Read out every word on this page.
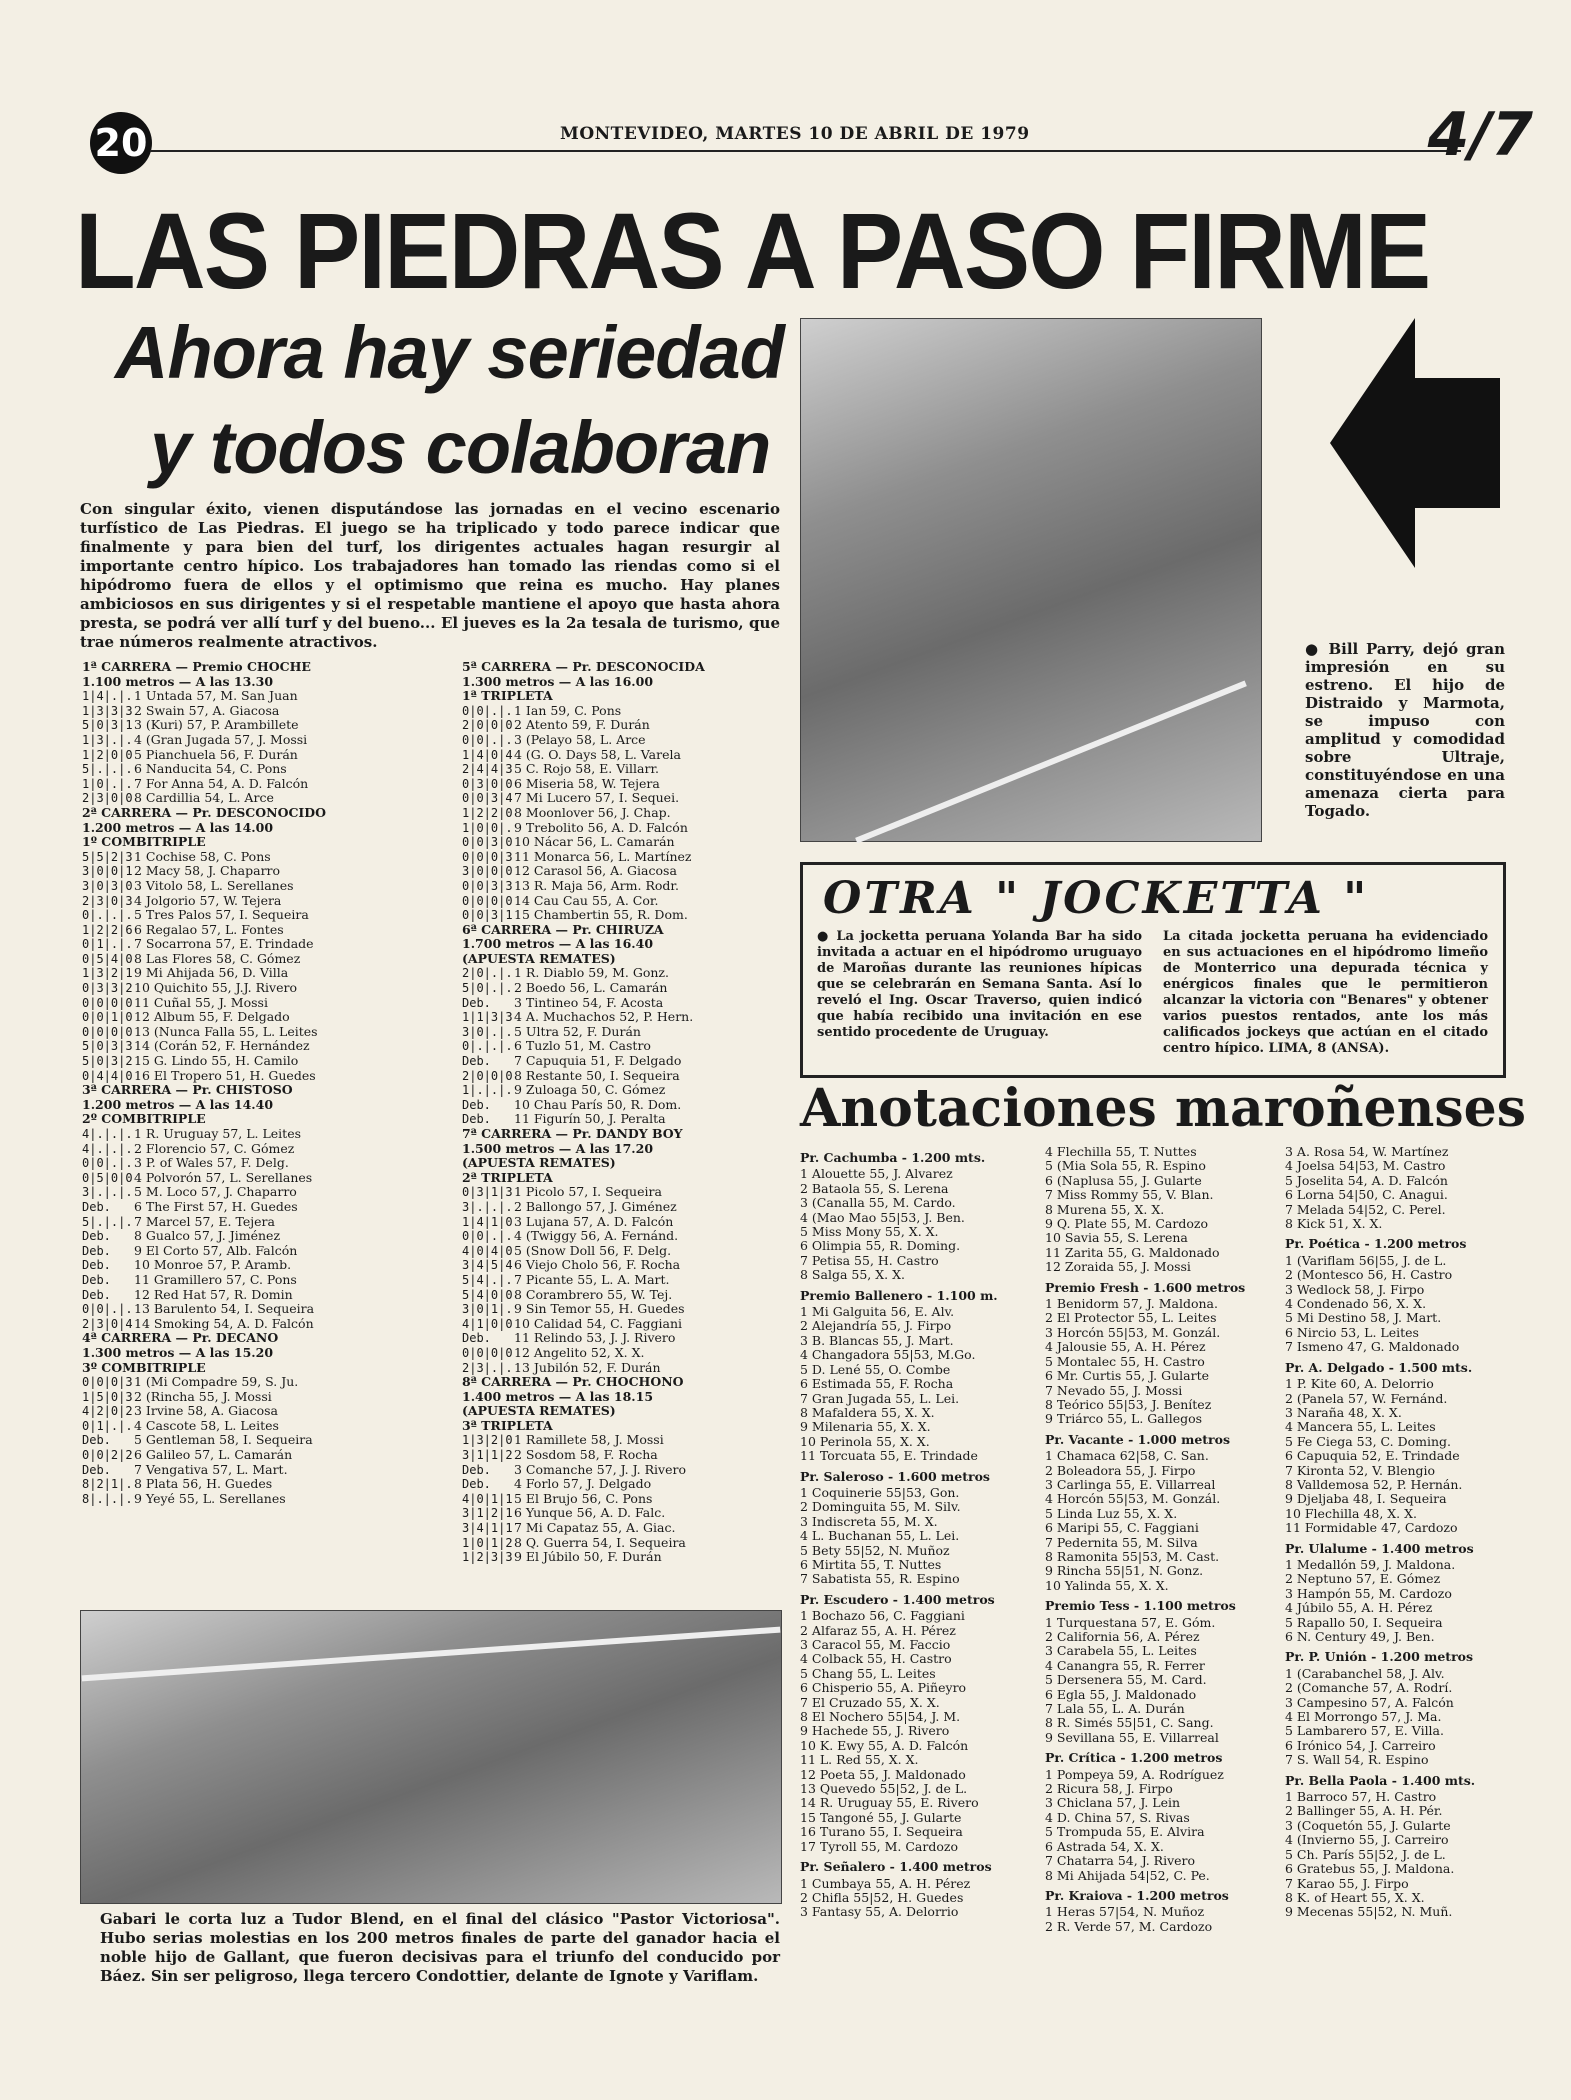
20	MONTEVIDEO, MARTES 10 DE ABRIL DE 1979	4/7
LAS PIEDRAS A PASO FIRME
Ahora hay seriedad
y todos colaboran
● Bill Parry, dejó gran impresión en su estreno. El hijo de Distraido y Marmota, se impuso con amplitud y comodidad sobre Ultraje, constituyéndose en una amenaza cierta para Togado.
Con singular éxito, vienen disputándose las jornadas en el vecino escenario turfístico de Las Piedras. El juego se ha triplicado y todo parece indicar que finalmente y para bien del turf, los dirigentes actuales hagan resurgir al importante centro hípico. Los trabajadores han tomado las riendas como si el hipódromo fuera de ellos y el optimismo que reina es mucho. Hay planes ambiciosos en sus dirigentes y si el respetable mantiene el apoyo que hasta ahora presta, se podrá ver allí turf y del bueno... El jueves es la 2a tesala de turismo, que trae números realmente atractivos.
1ª CARRERA — Premio CHOCHE
1.100 metros — A las 13.30
1|4|.|. 1 Untada 57, M. San Juan
1|3|3|3 2 Swain 57, A. Giacosa
5|0|3|1 3 (Kuri) 57, P. Arambillete
1|3|.|. 4 (Gran Jugada 57, J. Mossi
1|2|0|0 5 Pianchuela 56, F. Durán
5|.|.|. 6 Nanducita 54, C. Pons
1|0|.|. 7 For Anna 54, A. D. Falcón
2|3|0|0 8 Cardillia 54, L. Arce
2ª CARRERA — Pr. DESCONOCIDO
1.200 metros — A las 14.00
1º COMBITRIPLE
5|5|2|3 1 Cochise 58, C. Pons
3|0|0|1 2 Macy 58, J. Chaparro
3|0|3|0 3 Vitolo 58, L. Serellanes
2|3|0|3 4 Jolgorio 57, W. Tejera
0|.|.|. 5 Tres Palos 57, I. Sequeira
1|2|2|6 6 Regalao 57, L. Fontes
0|1|.|. 7 Socarrona 57, E. Trindade
0|5|4|0 8 Las Flores 58, C. Gómez
1|3|2|1 9 Mi Ahijada 56, D. Villa
0|3|3|2 10 Quichito 55, J.J. Rivero
0|0|0|0 11 Cuñal 55, J. Mossi
0|0|1|0 12 Album 55, F. Delgado
0|0|0|0 13 (Nunca Falla 55, L. Leites
5|0|3|3 14 (Corán 52, F. Hernández
5|0|3|2 15 G. Lindo 55, H. Camilo
0|4|4|0 16 El Tropero 51, H. Guedes
3ª CARRERA — Pr. CHISTOSO
1.200 metros — A las 14.40
2º COMBITRIPLE
4|.|.|. 1 R. Uruguay 57, L. Leites
4|.|.|. 2 Florencio 57, C. Gómez
0|0|.|. 3 P. of Wales 57, F. Delg.
0|5|0|0 4 Polvorón 57, L. Serellanes
3|.|.|. 5 M. Loco 57, J. Chaparro
Deb.	6 The First 57, H. Guedes
5|.|.|. 7 Marcel 57, E. Tejera
Deb.	8 Gualco 57, J. Jiménez
Deb.	9 El Corto 57, Alb. Falcón
Deb.	10 Monroe 57, P. Aramb.
Deb.	11 Gramillero 57, C. Pons
Deb.	12 Red Hat 57, R. Domin
0|0|.|. 13 Barulento 54, I. Sequeira
2|3|0|4 14 Smoking 54, A. D. Falcón
4ª CARRERA — Pr. DECANO
1.300 metros — A las 15.20
3º COMBITRIPLE
0|0|0|3 1 (Mi Compadre 59, S. Ju.
1|5|0|3 2 (Rincha 55, J. Mossi
4|2|0|2 3 Irvine 58, A. Giacosa
0|1|.|. 4 Cascote 58, L. Leites
Deb.	5 Gentleman 58, I. Sequeira
0|0|2|2 6 Galileo 57, L. Camarán
Deb.	7 Vengativa 57, L. Mart.
8|2|1|. 8 Plata 56, H. Guedes
8|.|.|. 9 Yeyé 55, L. Serellanes
5ª CARRERA — Pr. DESCONOCIDA
1.300 metros — A las 16.00
1ª TRIPLETA
0|0|.|. 1 Ian 59, C. Pons
2|0|0|0 2 Atento 59, F. Durán
0|0|.|. 3 (Pelayo 58, L. Arce
1|4|0|4 4 (G. O. Days 58, L. Varela
2|4|4|3 5 C. Rojo 58, E. Villarr.
0|3|0|0 6 Miseria 58, W. Tejera
0|0|3|4 7 Mi Lucero 57, I. Sequei.
1|2|2|0 8 Moonlover 56, J. Chap.
1|0|0|. 9 Trebolito 56, A. D. Falcón
0|0|3|0 10 Nácar 56, L. Camarán
0|0|0|3 11 Monarca 56, L. Martínez
3|0|0|0 12 Carasol 56, A. Giacosa
0|0|3|3 13 R. Maja 56, Arm. Rodr.
0|0|0|0 14 Cau Cau 55, A. Cor.
0|0|3|1 15 Chambertin 55, R. Dom.
6ª CARRERA — Pr. CHIRUZA
1.700 metros — A las 16.40
(APUESTA REMATES)
2|0|.|. 1 R. Diablo 59, M. Gonz.
5|0|.|. 2 Boedo 56, L. Camarán
Deb.	3 Tintineo 54, F. Acosta
1|1|3|3 4 A. Muchachos 52, P. Hern.
3|0|.|. 5 Ultra 52, F. Durán
0|.|.|. 6 Tuzlo 51, M. Castro
Deb.	7 Capuquia 51, F. Delgado
2|0|0|0 8 Restante 50, I. Sequeira
1|.|.|. 9 Zuloaga 50, C. Gómez
Deb.	10 Chau París 50, R. Dom.
Deb.	11 Figurín 50, J. Peralta
7ª CARRERA — Pr. DANDY BOY
1.500 metros — A las 17.20
(APUESTA REMATES)
2ª TRIPLETA
0|3|1|3 1 Picolo 57, I. Sequeira
3|.|.|. 2 Ballongo 57, J. Giménez
1|4|1|0 3 Lujana 57, A. D. Falcón
0|0|.|. 4 (Twiggy 56, A. Fernánd.
4|0|4|0 5 (Snow Doll 56, F. Delg.
3|4|5|4 6 Viejo Cholo 56, F. Rocha
5|4|.|. 7 Picante 55, L. A. Mart.
5|4|0|0 8 Corambrero 55, W. Tej.
3|0|1|. 9 Sin Temor 55, H. Guedes
4|1|0|0 10 Calidad 54, C. Faggiani
Deb.	11 Relindo 53, J. J. Rivero
0|0|0|0 12 Angelito 52, X. X.
2|3|.|. 13 Jubilón 52, F. Durán
8ª CARRERA — Pr. CHOCHONO
1.400 metros — A las 18.15
(APUESTA REMATES)
3ª TRIPLETA
1|3|2|0 1 Ramillete 58, J. Mossi
3|1|1|2 2 Sosdom 58, F. Rocha
Deb.	3 Comanche 57, J. J. Rivero
Deb.	4 Forlo 57, J. Delgado
4|0|1|1 5 El Brujo 56, C. Pons
3|1|2|1 6 Yunque 56, A. D. Falc.
3|4|1|1 7 Mi Capataz 55, A. Giac.
1|0|1|2 8 Q. Guerra 54, I. Sequeira
1|2|3|3 9 El Júbilo 50, F. Durán
OTRA " JOCKETTA "
● La jocketta peruana Yolanda Bar ha sido invitada a actuar en el hipódromo uruguayo de Maroñas durante las reuniones hípicas que se celebrarán en Semana Santa. Así lo reveló el Ing. Oscar Traverso, quien indicó que había recibido una invitación en ese sentido procedente de Uruguay.
La citada jocketta peruana ha evidenciado en sus actuaciones en el hipódromo limeño de Monterrico una depurada técnica y enérgicos finales que le permitieron alcanzar la victoria con "Benares" y obtener varios puestos rentados, ante los más calificados jockeys que actúan en el citado centro hípico. LIMA, 8 (ANSA).
Anotaciones maroñenses
Pr. Cachumba - 1.200 mts.
1 Alouette 55, J. Alvarez
2 Bataola 55, S. Lerena
3 (Canalla 55, M. Cardo.
4 (Mao Mao 55|53, J. Ben.
5 Miss Mony 55, X. X.
6 Olimpia 55, R. Doming.
7 Petisa 55, H. Castro
8 Salga 55, X. X.
Premio Ballenero - 1.100 m.
1 Mi Galguita 56, E. Alv.
2 Alejandría 55, J. Firpo
3 B. Blancas 55, J. Mart.
4 Changadora 55|53, M.Go.
5 D. Lené 55, O. Combe
6 Estimada 55, F. Rocha
7 Gran Jugada 55, L. Lei.
8 Mafaldera 55, X. X.
9 Milenaria 55, X. X.
10 Perinola 55, X. X.
11 Torcuata 55, E. Trindade
Pr. Saleroso - 1.600 metros
1 Coquinerie 55|53, Gon.
2 Dominguita 55, M. Silv.
3 Indiscreta 55, M. X.
4 L. Buchanan 55, L. Lei.
5 Bety 55|52, N. Muñoz
6 Mirtita 55, T. Nuttes
7 Sabatista 55, R. Espino
Pr. Escudero - 1.400 metros
1 Bochazo 56, C. Faggiani
2 Alfaraz 55, A. H. Pérez
3 Caracol 55, M. Faccio
4 Colback 55, H. Castro
5 Chang 55, L. Leites
6 Chisperio 55, A. Piñeyro
7 El Cruzado 55, X. X.
8 El Nochero 55|54, J. M.
9 Hachede 55, J. Rivero
10 K. Ewy 55, A. D. Falcón
11 L. Red 55, X. X.
12 Poeta 55, J. Maldonado
13 Quevedo 55|52, J. de L.
14 R. Uruguay 55, E. Rivero
15 Tangoné 55, J. Gularte
16 Turano 55, I. Sequeira
17 Tyroll 55, M. Cardozo
Pr. Señalero - 1.400 metros
1 Cumbaya 55, A. H. Pérez
2 Chifla 55|52, H. Guedes
3 Fantasy 55, A. Delorrio
4 Flechilla 55, T. Nuttes
5 (Mia Sola 55, R. Espino
6 (Naplusa 55, J. Gularte
7 Miss Rommy 55, V. Blan.
8 Murena 55, X. X.
9 Q. Plate 55, M. Cardozo
10 Savia 55, S. Lerena
11 Zarita 55, G. Maldonado
12 Zoraida 55, J. Mossi
Premio Fresh - 1.600 metros
1 Benidorm 57, J. Maldona.
2 El Protector 55, L. Leites
3 Horcón 55|53, M. Gonzál.
4 Jalousie 55, A. H. Pérez
5 Montalec 55, H. Castro
6 Mr. Curtis 55, J. Gularte
7 Nevado 55, J. Mossi
8 Teórico 55|53, J. Benítez
9 Triárco 55, L. Gallegos
Pr. Vacante - 1.000 metros
1 Chamaca 62|58, C. San.
2 Boleadora 55, J. Firpo
3 Carlinga 55, E. Villarreal
4 Horcón 55|53, M. Gonzál.
5 Linda Luz 55, X. X.
6 Maripi 55, C. Faggiani
7 Pedernita 55, M. Silva
8 Ramonita 55|53, M. Cast.
9 Rincha 55|51, N. Gonz.
10 Yalinda 55, X. X.
Premio Tess - 1.100 metros
1 Turquestana 57, E. Góm.
2 California 56, A. Pérez
3 Carabela 55, L. Leites
4 Canangra 55, R. Ferrer
5 Dersenera 55, M. Card.
6 Egla 55, J. Maldonado
7 Lala 55, L. A. Durán
8 R. Simés 55|51, C. Sang.
9 Sevillana 55, E. Villarreal
Pr. Crítica - 1.200 metros
1 Pompeya 59, A. Rodríguez
2 Ricura 58, J. Firpo
3 Chiclana 57, J. Lein
4 D. China 57, S. Rivas
5 Trompuda 55, E. Alvira
6 Astrada 54, X. X.
7 Chatarra 54, J. Rivero
8 Mi Ahijada 54|52, C. Pe.
Pr. Kraiova - 1.200 metros
1 Heras 57|54, N. Muñoz
2 R. Verde 57, M. Cardozo
3 A. Rosa 54, W. Martínez
4 Joelsa 54|53, M. Castro
5 Joselita 54, A. D. Falcón
6 Lorna 54|50, C. Anagui.
7 Melada 54|52, C. Perel.
8 Kick 51, X. X.
Pr. Poética - 1.200 metros
1 (Variflam 56|55, J. de L.
2 (Montesco 56, H. Castro
3 Wedlock 58, J. Firpo
4 Condenado 56, X. X.
5 Mi Destino 58, J. Mart.
6 Nircio 53, L. Leites
7 Ismeno 47, G. Maldonado
Pr. A. Delgado - 1.500 mts.
1 P. Kite 60, A. Delorrio
2 (Panela 57, W. Fernánd.
3 Naraña 48, X. X.
4 Mancera 55, L. Leites
5 Fe Ciega 53, C. Doming.
6 Capuquia 52, E. Trindade
7 Kironta 52, V. Blengio
8 Valldemosa 52, P. Hernán.
9 Djeljaba 48, I. Sequeira
10 Flechilla 48, X. X.
11 Formidable 47, Cardozo
Pr. Ulalume - 1.400 metros
1 Medallón 59, J. Maldona.
2 Neptuno 57, E. Gómez
3 Hampón 55, M. Cardozo
4 Júbilo 55, A. H. Pérez
5 Rapallo 50, I. Sequeira
6 N. Century 49, J. Ben.
Pr. P. Unión - 1.200 metros
1 (Carabanchel 58, J. Alv.
2 (Comanche 57, A. Rodrí.
3 Campesino 57, A. Falcón
4 El Morrongo 57, J. Ma.
5 Lambarero 57, E. Villa.
6 Irónico 54, J. Carreiro
7 S. Wall 54, R. Espino
Pr. Bella Paola - 1.400 mts.
1 Barroco 57, H. Castro
2 Ballinger 55, A. H. Pér.
3 (Coquetón 55, J. Gularte
4 (Invierno 55, J. Carreiro
5 Ch. París 55|52, J. de L.
6 Gratebus 55, J. Maldona.
7 Karao 55, J. Firpo
8 K. of Heart 55, X. X.
9 Mecenas 55|52, N. Muñ.
Gabari le corta luz a Tudor Blend, en el final del clásico "Pastor Victoriosa". Hubo serias molestias en los 200 metros finales de parte del ganador hacia el noble hijo de Gallant, que fueron decisivas para el triunfo del conducido por Báez. Sin ser peligroso, llega tercero Condottier, delante de Ignote y Variflam.
